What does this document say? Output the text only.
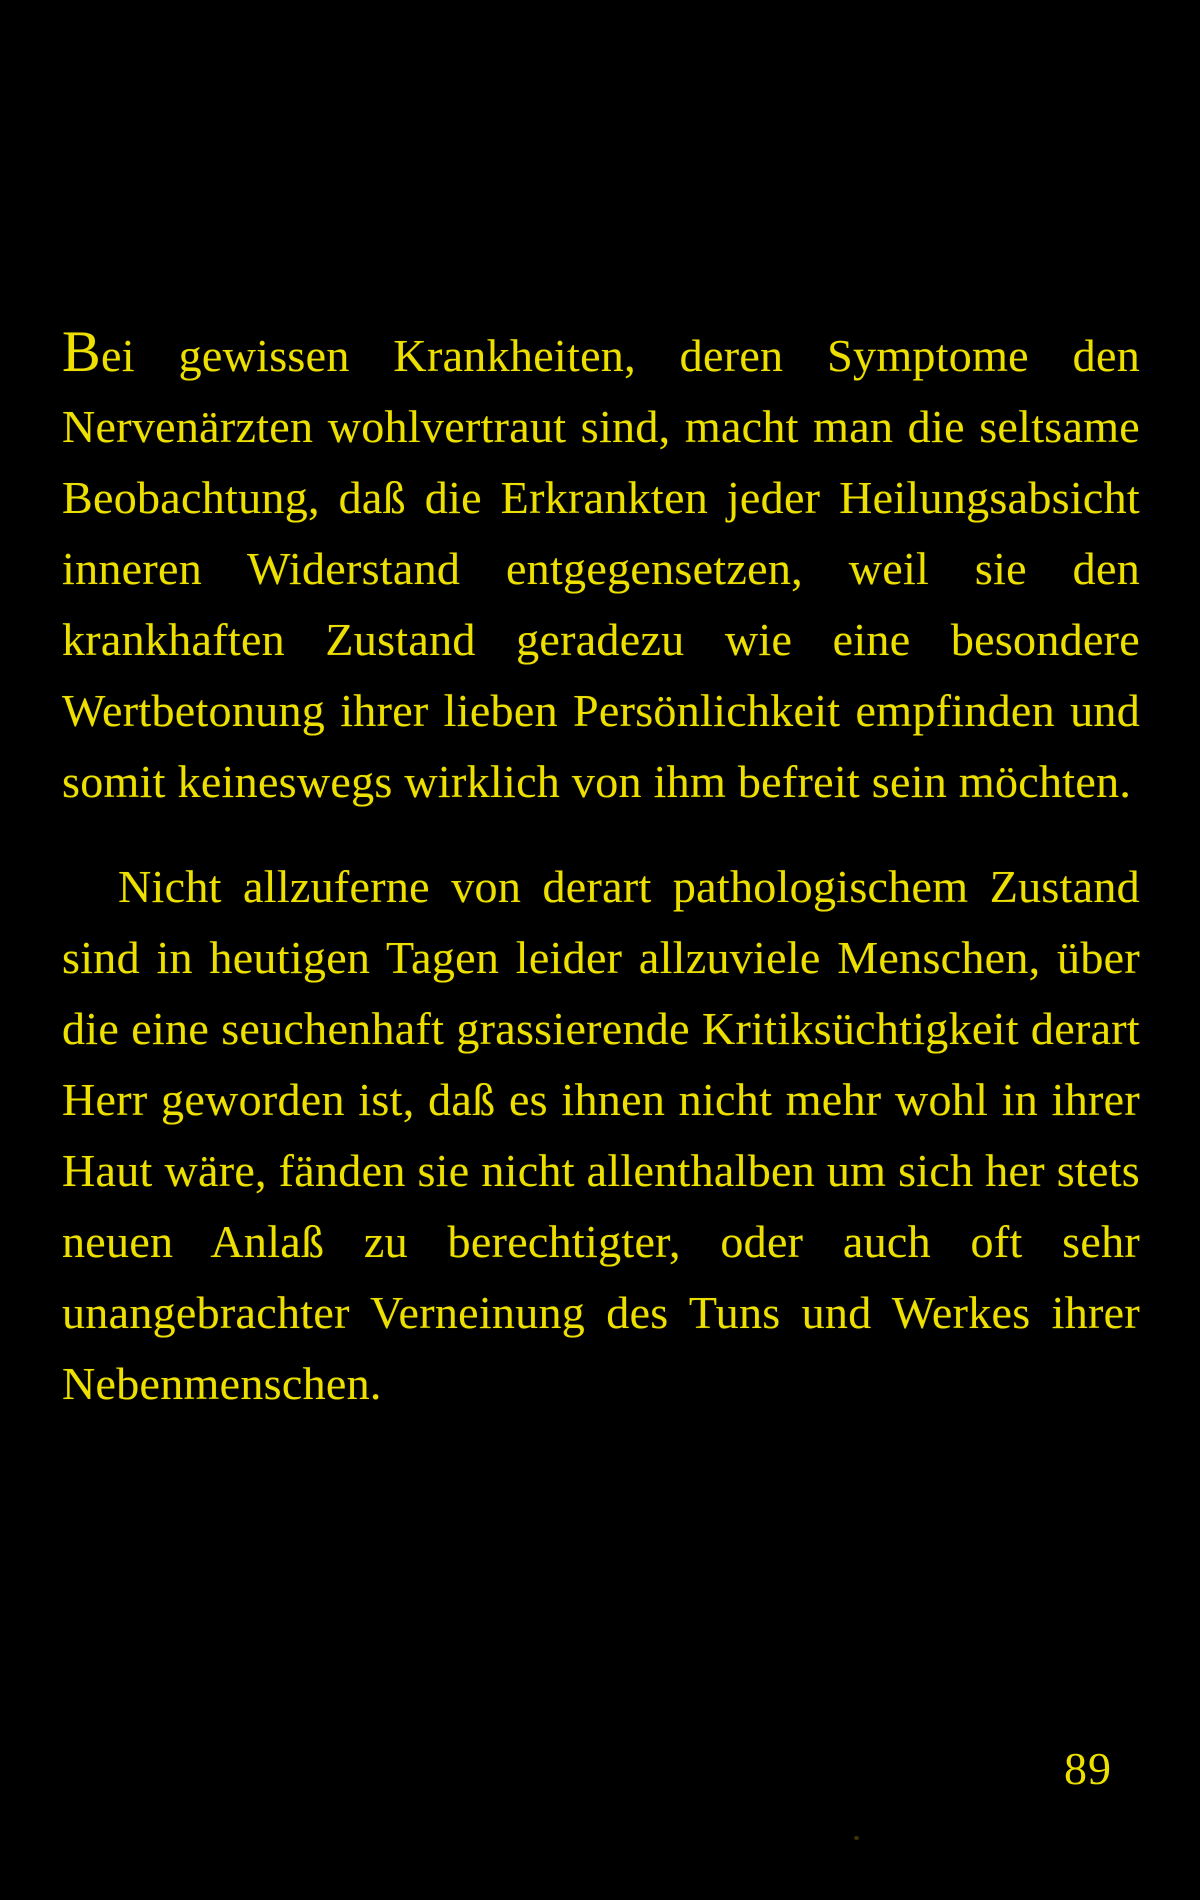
Bei gewissen Krankheiten, deren Symptome den Nervenärzten wohlvertraut sind, macht man die seltsame Beobachtung, daß die Erkrankten jeder Heilungsabsicht inneren Widerstand entgegensetzen, weil sie den krankhaften Zustand geradezu wie eine besondere Wertbetonung ihrer lieben Persönlichkeit empfinden und somit keineswegs wirklich von ihm befreit sein möchten.

Nicht allzuferne von derart pathologischem Zustand sind in heutigen Tagen leider allzuviele Menschen, über die eine seuchenhaft grassierende Kritiksüchtigkeit derart Herr geworden ist, daß es ihnen nicht mehr wohl in ihrer Haut wäre, fänden sie nicht allenthalben um sich her stets neuen Anlaß zu berechtigter, oder auch oft sehr unangebrachter Verneinung des Tuns und Werkes ihrer Nebenmenschen.

89
